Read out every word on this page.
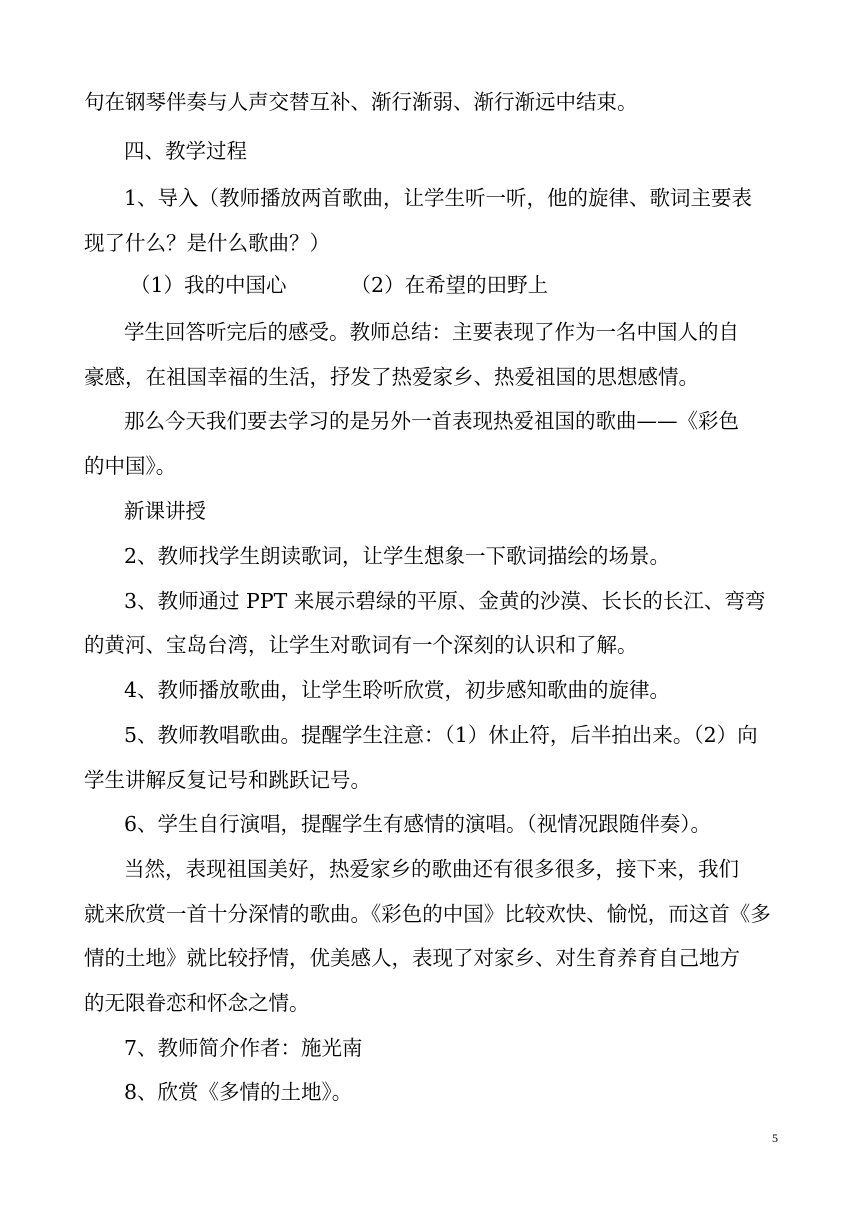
句在钢琴伴奏与人声交替互补、渐行渐弱、渐行渐远中结束。
四、教学过程
1、导入（教师播放两首歌曲，让学生听一听，他的旋律、歌词主要表
现了什么？是什么歌曲？）
（1）我的中国心	（2）在希望的田野上
学生回答听完后的感受。教师总结：主要表现了作为一名中国人的自
豪感，在祖国幸福的生活，抒发了热爱家乡、热爱祖国的思想感情。
那么今天我们要去学习的是另外一首表现热爱祖国的歌曲——《彩色
的中国》。
新课讲授
2、教师找学生朗读歌词，让学生想象一下歌词描绘的场景。
3、教师通过 PPT 来展示碧绿的平原、金黄的沙漠、长长的长江、弯弯
的黄河、宝岛台湾，让学生对歌词有一个深刻的认识和了解。
4、教师播放歌曲，让学生聆听欣赏，初步感知歌曲的旋律。
5、教师教唱歌曲。提醒学生注意：（1）休止符，后半拍出来。（2）向
学生讲解反复记号和跳跃记号。
6、学生自行演唱，提醒学生有感情的演唱。（视情况跟随伴奏）。
当然，表现祖国美好，热爱家乡的歌曲还有很多很多，接下来，我们
就来欣赏一首十分深情的歌曲。《彩色的中国》比较欢快、愉悦，而这首《多
情的土地》就比较抒情，优美感人，表现了对家乡、对生育养育自己地方
的无限眷恋和怀念之情。
7、教师简介作者：施光南
8、欣赏《多情的土地》。
5
